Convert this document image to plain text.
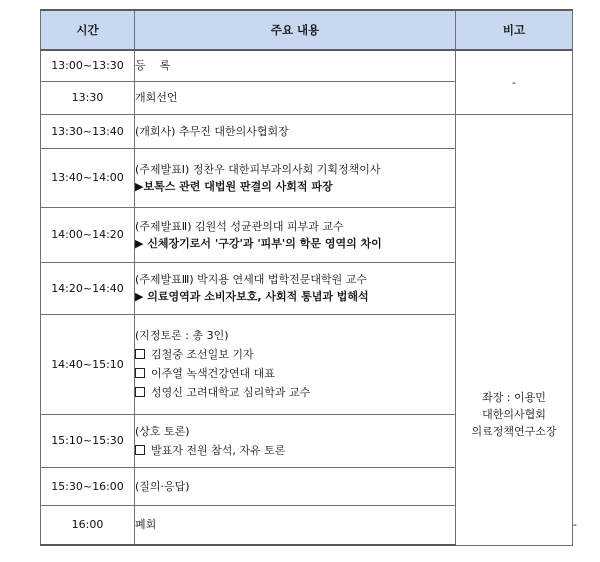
시간	주요 내용	비고	
13:00~13:30	등    록	-	
13:30	개회선언		

13:30~13:40	(개회사) 추무진 대한의사협회장	좌장 : 이용민
대한의사협회
의료정책연구소장	

13:40~14:00	(주제발표Ⅰ) 정찬우 대한피부과의사회 기획정책이사
▶보톡스 관련 대법원 판결의 사회적 파장		

14:00~14:20	(주제발표Ⅱ) 김원석 성균관의대 피부과 교수
▶ 신체장기로서 '구강'과 '피부'의 학문 영역의 차이		

14:20~14:40	(주제발표Ⅲ) 박지용 연세대 법학전문대학원 교수
▶ 의료영역과 소비자보호, 사회적 통념과 법해석		

14:40~15:10	(지정토론 : 총 3인)
김철중 조선일보 기자
이주열 녹색건강연대 대표
성영신 고려대학교 심리학과 교수		

15:10~15:30	(상호 토론)
발표자 전원 참석, 자유 토론		

15:30~16:00	(질의·응답)		

16:00	폐회		-
